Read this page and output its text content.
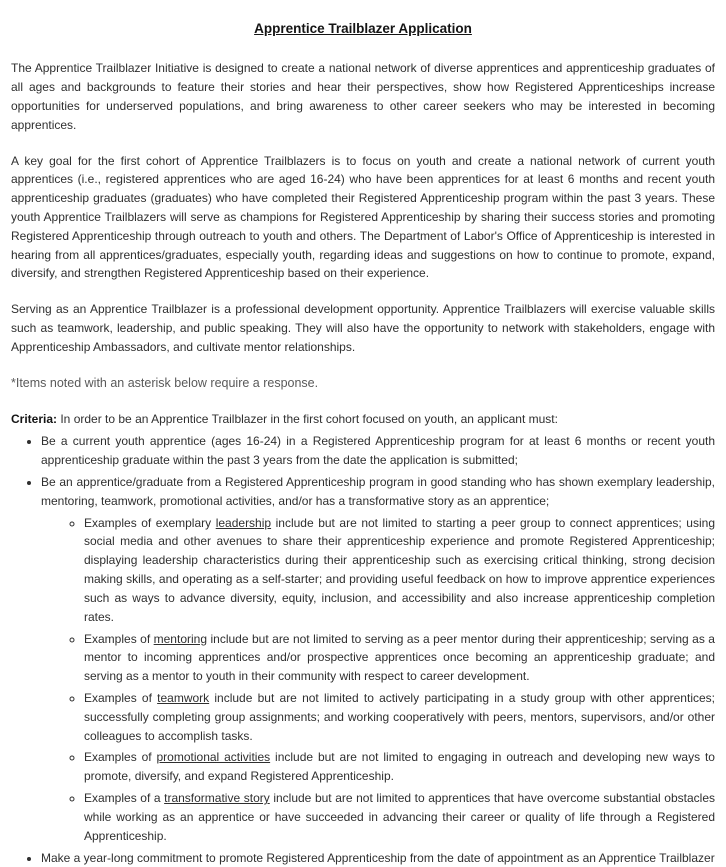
Apprentice Trailblazer Application

The Apprentice Trailblazer Initiative is designed to create a national network of diverse apprentices and apprenticeship graduates of all ages and backgrounds to feature their stories and hear their perspectives, show how Registered Apprenticeships increase opportunities for underserved populations, and bring awareness to other career seekers who may be interested in becoming apprentices.

A key goal for the first cohort of Apprentice Trailblazers is to focus on youth and create a national network of current youth apprentices (i.e., registered apprentices who are aged 16-24) who have been apprentices for at least 6 months and recent youth apprenticeship graduates (graduates) who have completed their Registered Apprenticeship program within the past 3 years. These youth Apprentice Trailblazers will serve as champions for Registered Apprenticeship by sharing their success stories and promoting Registered Apprenticeship through outreach to youth and others. The Department of Labor's Office of Apprenticeship is interested in hearing from all apprentices/graduates, especially youth, regarding ideas and suggestions on how to continue to promote, expand, diversify, and strengthen Registered Apprenticeship based on their experience.

Serving as an Apprentice Trailblazer is a professional development opportunity. Apprentice Trailblazers will exercise valuable skills such as teamwork, leadership, and public speaking. They will also have the opportunity to network with stakeholders, engage with Apprenticeship Ambassadors, and cultivate mentor relationships.

*Items noted with an asterisk below require a response.

Criteria: In order to be an Apprentice Trailblazer in the first cohort focused on youth, an applicant must:

• Be a current youth apprentice (ages 16-24) in a Registered Apprenticeship program for at least 6 months or recent youth apprenticeship graduate within the past 3 years from the date the application is submitted;
• Be an apprentice/graduate from a Registered Apprenticeship program in good standing who has shown exemplary leadership, mentoring, teamwork, promotional activities, and/or has a transformative story as an apprentice;
◦ Examples of exemplary leadership include but are not limited to starting a peer group to connect apprentices; using social media and other avenues to share their apprenticeship experience and promote Registered Apprenticeship; displaying leadership characteristics during their apprenticeship such as exercising critical thinking, strong decision making skills, and operating as a self-starter; and providing useful feedback on how to improve apprentice experiences such as ways to advance diversity, equity, inclusion, and accessibility and also increase apprenticeship completion rates.
◦ Examples of mentoring include but are not limited to serving as a peer mentor during their apprenticeship; serving as a mentor to incoming apprentices and/or prospective apprentices once becoming an apprenticeship graduate; and serving as a mentor to youth in their community with respect to career development.
◦ Examples of teamwork include but are not limited to actively participating in a study group with other apprentices; successfully completing group assignments; and working cooperatively with peers, mentors, supervisors, and/or other colleagues to accomplish tasks.
◦ Examples of promotional activities include but are not limited to engaging in outreach and developing new ways to promote, diversify, and expand Registered Apprenticeship.
◦ Examples of a transformative story include but are not limited to apprentices that have overcome substantial obstacles while working as an apprentice or have succeeded in advancing their career or quality of life through a Registered Apprenticeship.
• Make a year-long commitment to promote Registered Apprenticeship from the date of appointment as an Apprentice Trailblazer
